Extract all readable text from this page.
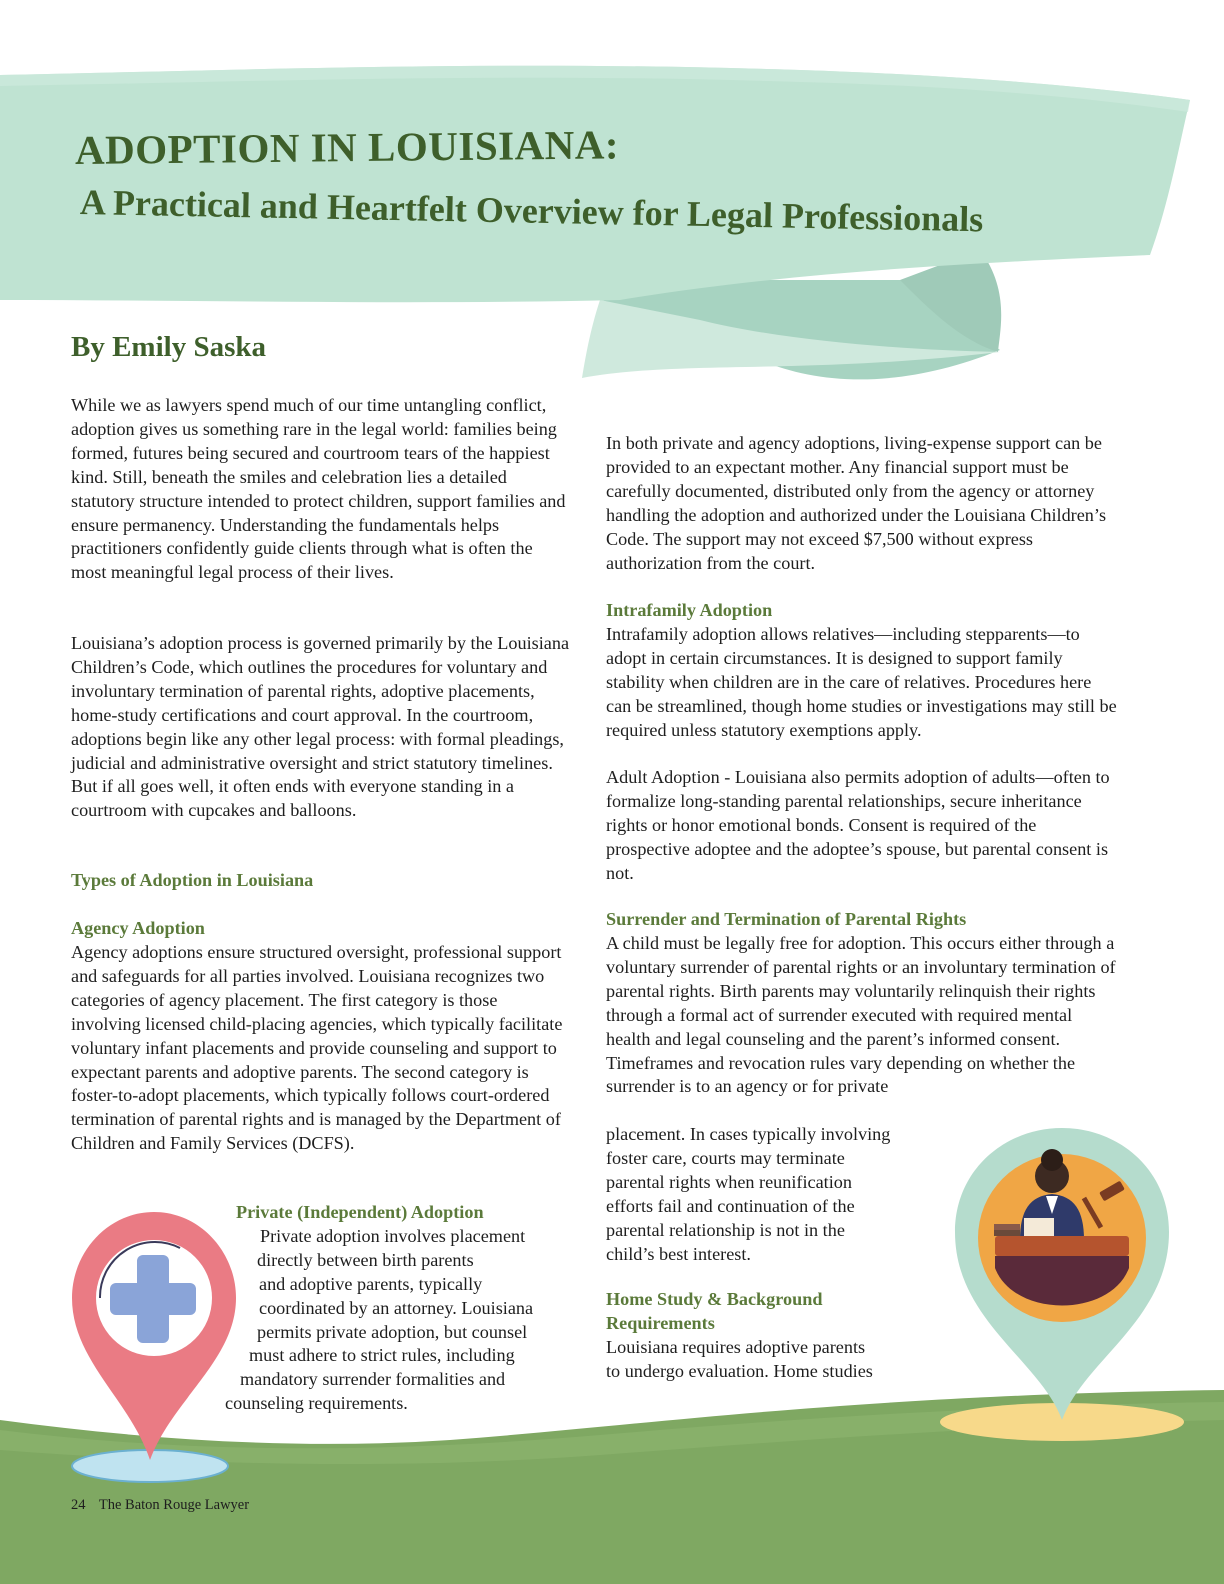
ADOPTION IN LOUISIANA:
A Practical and Heartfelt Overview for Legal Professionals
By Emily Saska

While we as lawyers spend much of our time untangling conflict, adoption gives us something rare in the legal world: families being formed, futures being secured and courtroom tears of the happiest kind. Still, beneath the smiles and celebration lies a detailed statutory structure intended to protect children, support families and ensure permanency. Understanding the fundamentals helps practitioners confidently guide clients through what is often the most meaningful legal process of their lives.

Louisiana’s adoption process is governed primarily by the Louisiana Children’s Code, which outlines the procedures for voluntary and involuntary termination of parental rights, adoptive placements, home-study certifications and court approval. In the courtroom, adoptions begin like any other legal process: with formal pleadings, judicial and administrative oversight and strict statutory timelines. But if all goes well, it often ends with everyone standing in a courtroom with cupcakes and balloons.

Types of Adoption in Louisiana

Agency Adoption

Agency adoptions ensure structured oversight, professional support and safeguards for all parties involved. Louisiana recognizes two categories of agency placement. The first category is those involving licensed child-placing agencies, which typically facilitate voluntary infant placements and provide counseling and support to expectant parents and adoptive parents. The second category is foster-to-adopt placements, which typically follows court-ordered termination of parental rights and is managed by the Department of Children and Family Services (DCFS).

Private (Independent) Adoption

Private adoption involves placement
directly between birth parents
and adoptive parents, typically
coordinated by an attorney. Louisiana
permits private adoption, but counsel
must adhere to strict rules, including
mandatory surrender formalities and
counseling requirements.

In both private and agency adoptions, living-expense support can be provided to an expectant mother. Any financial support must be carefully documented, distributed only from the agency or attorney handling the adoption and authorized under the Louisiana Children’s Code. The support may not exceed $7,500 without express authorization from the court.

Intrafamily Adoption

Intrafamily adoption allows relatives—including stepparents—to adopt in certain circumstances. It is designed to support family stability when children are in the care of relatives. Procedures here can be streamlined, though home studies or investigations may still be required unless statutory exemptions apply.

Adult Adoption - Louisiana also permits adoption of adults—often to formalize long-standing parental relationships, secure inheritance rights or honor emotional bonds. Consent is required of the prospective adoptee and the adoptee’s spouse, but parental consent is not.

Surrender and Termination of Parental Rights

A child must be legally free for adoption. This occurs either through a voluntary surrender of parental rights or an involuntary termination of parental rights. Birth parents may voluntarily relinquish their rights through a formal act of surrender executed with required mental health and legal counseling and the parent’s informed consent. Timeframes and revocation rules vary depending on whether the surrender is to an agency or for private

placement. In cases typically involving
foster care, courts may terminate
parental rights when reunification
efforts fail and continuation of the
parental relationship is not in the
child’s best interest.

Home Study & Background Requirements

Louisiana requires adoptive parents
to undergo evaluation. Home studies
24 The Baton Rouge Lawyer
